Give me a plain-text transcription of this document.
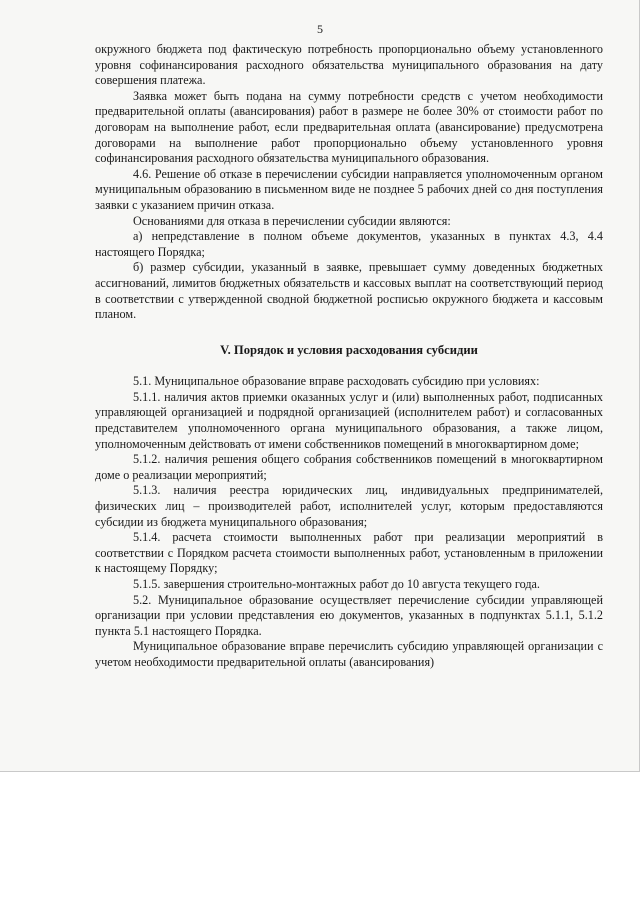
5

окружного бюджета под фактическую потребность пропорционально объему установленного уровня софинансирования расходного обязательства муниципального образования на дату совершения платежа.

Заявка может быть подана на сумму потребности средств с учетом необходимости предварительной оплаты (авансирования) работ в размере не более 30% от стоимости работ по договорам на выполнение работ, если предварительная оплата (авансирование) предусмотрена договорами на выполнение работ пропорционально объему установленного уровня софинансирования расходного обязательства муниципального образования.

4.6. Решение об отказе в перечислении субсидии направляется уполномоченным органом муниципальным образованию в письменном виде не позднее 5 рабочих дней со дня поступления заявки с указанием причин отказа.

Основаниями для отказа в перечислении субсидии являются:

а) непредставление в полном объеме документов, указанных в пунктах 4.3, 4.4 настоящего Порядка;

б) размер субсидии, указанный в заявке, превышает сумму доведенных бюджетных ассигнований, лимитов бюджетных обязательств и кассовых выплат на соответствующий период в соответствии с утвержденной сводной бюджетной росписью окружного бюджета и кассовым планом.

V. Порядок и условия расходования субсидии

5.1. Муниципальное образование вправе расходовать субсидию при условиях:

5.1.1. наличия актов приемки оказанных услуг и (или) выполненных работ, подписанных управляющей организацией и подрядной организацией (исполнителем работ) и согласованных представителем уполномоченного органа муниципального образования, а также лицом, уполномоченным действовать от имени собственников помещений в многоквартирном доме;

5.1.2. наличия решения общего собрания собственников помещений в многоквартирном доме о реализации мероприятий;

5.1.3. наличия реестра юридических лиц, индивидуальных предпринимателей, физических лиц – производителей работ, исполнителей услуг, которым предоставляются субсидии из бюджета муниципального образования;

5.1.4. расчета стоимости выполненных работ при реализации мероприятий в соответствии с Порядком расчета стоимости выполненных работ, установленным в приложении к настоящему Порядку;

5.1.5. завершения строительно-монтажных работ до 10 августа текущего года.

5.2. Муниципальное образование осуществляет перечисление субсидии управляющей организации при условии представления ею документов, указанных в подпунктах 5.1.1, 5.1.2 пункта 5.1 настоящего Порядка.

Муниципальное образование вправе перечислить субсидию управляющей организации с учетом необходимости предварительной оплаты (авансирования)
